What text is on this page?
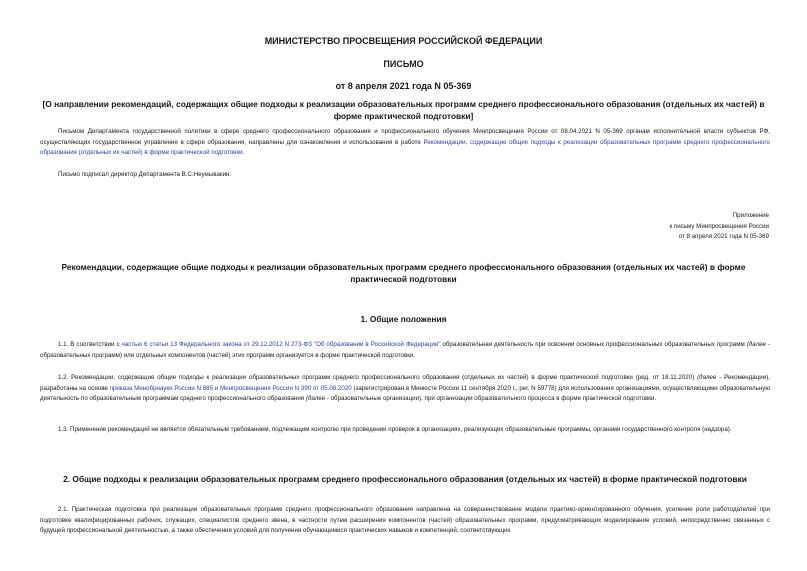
МИНИСТЕРСТВО ПРОСВЕЩЕНИЯ РОССИЙСКОЙ ФЕДЕРАЦИИ
ПИСЬМО
от 8 апреля 2021 года N 05-369
[О направлении рекомендаций, содержащих общие подходы к реализации образовательных программ среднего профессионального образования (отдельных их частей) в форме практической подготовки]
Письмом Департамента государственной политики в сфере среднего профессионального образования и профессионального обучения Минпросвещения России от 08.04.2021 N 05-369 органам исполнительной власти субъектов РФ, осуществляющих государственное управление в сфере образования, направлены для ознакомления и использования в работе Рекомендации, содержащие общие подходы к реализации образовательных программ среднего профессионального образования (отдельных их частей) в форме практической подготовки.
Письмо подписал директор Департамента В.С.Неумывакин.
Приложение
к письму Минпросвещения России
от 8 апреля 2021 года N 05-369
Рекомендации, содержащие общие подходы к реализации образовательных программ среднего профессионального образования (отдельных их частей) в форме практической подготовки
1. Общие положения
1.1. В соответствии с частью 6 статьи 13 Федерального закона от 29.12.2012 N 273-ФЗ "Об образовании в Российской Федерации" образовательная деятельность при освоении основных профессиональных образовательных программ (далее - образовательных программ) или отдельных компонентов (частей) этих программ организуется в форме практической подготовки.
1.2. Рекомендации, содержащие общие подходы к реализации образовательных программ среднего профессионального образования (отдельных их частей) в форме практической подготовки (ред. от 18.11.2020) (далее - Рекомендации), разработаны на основе приказа Минобрнауки России N 885 и Минпросвещения России N 390 от 05.08.2020 (зарегистрирован в Минюсте России 11 сентября 2020 г., рег. N 59778) для использования организациями, осуществляющими образовательную деятельность по образовательным программам среднего профессионального образования (далее - образовательные организации), при организации образовательного процесса в форме практической подготовки.
1.3. Применение рекомендаций не является обязательным требованием, подлежащим контролю при проведении проверок в организациях, реализующих образовательные программы, органами государственного контроля (надзора).
2. Общие подходы к реализации образовательных программ среднего профессионального образования (отдельных их частей) в форме практической подготовки
2.1. Практическая подготовка при реализации образовательных программ среднего профессионального образования направлена на совершенствование модели практико-ориентированного обучения, усиление роли работодателей при подготовке квалифицированных рабочих, служащих, специалистов среднего звена, в частности путем расширения компонентов (частей) образовательных программ, предусматривающих моделирование условий, непосредственно связанных с будущей профессиональной деятельностью, а также обеспечения условий для получения обучающимися практических навыков и компетенций, соответствующих
